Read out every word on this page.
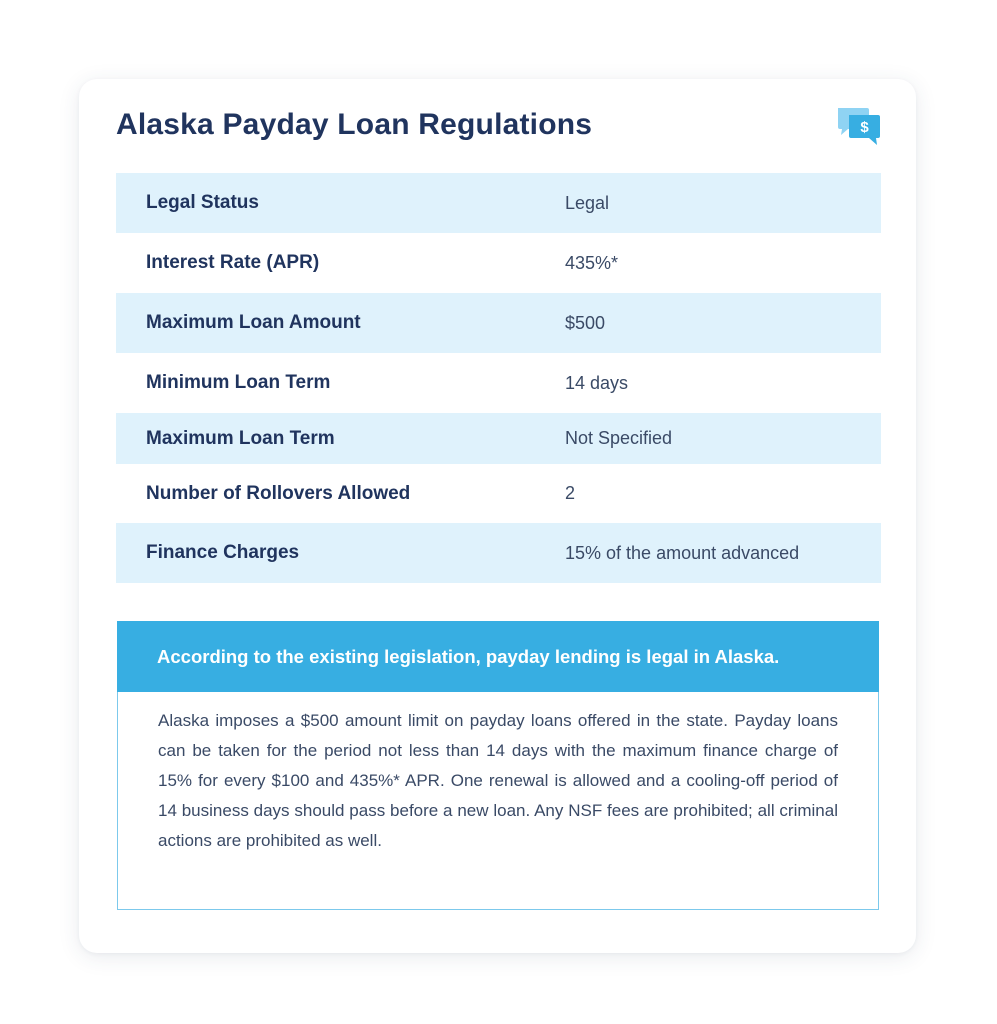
Alaska Payday Loan Regulations	$
Legal Status	Legal
Interest Rate (APR)	435%*
Maximum Loan Amount	$500
Minimum Loan Term	14 days
Maximum Loan Term	Not Specified
Number of Rollovers Allowed	2
Finance Charges	15% of the amount advanced
According to the existing legislation, payday lending is legal in Alaska.

Alaska imposes a $500 amount limit on payday loans offered in the state. Payday loans can be taken for the period not less than 14 days with the maximum finance charge of 15% for every $100 and 435%* APR. One renewal is allowed and a cooling-off period of 14 business days should pass before a new loan. Any NSF fees are prohibited; all criminal actions are prohibited as well.
